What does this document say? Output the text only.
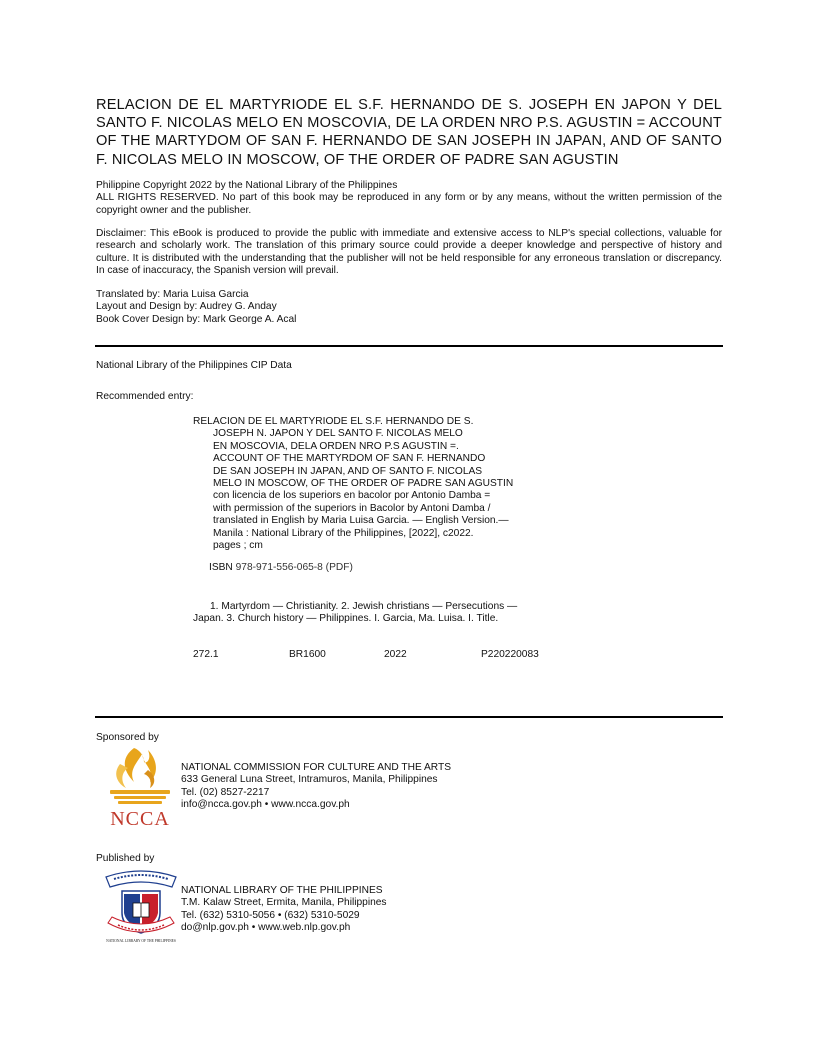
RELACION DE EL MARTYRIODE EL S.F. HERNANDO DE S. JOSEPH EN JAPON Y DEL SANTO F. NICOLAS MELO EN MOSCOVIA, DE LA ORDEN NRO P.S. AGUSTIN = ACCOUNT OF THE MARTYDOM OF SAN F. HERNANDO DE SAN JOSEPH IN JAPAN, AND OF SANTO F. NICOLAS MELO IN MOSCOW, OF THE ORDER OF PADRE SAN AGUSTIN
Philippine Copyright 2022 by the National Library of the Philippines

ALL RIGHTS RESERVED. No part of this book may be reproduced in any form or by any means, without the written permission of the copyright owner and the publisher.

Disclaimer: This eBook is produced to provide the public with immediate and extensive access to NLP's special collections, valuable for research and scholarly work. The translation of this primary source could provide a deeper knowledge and perspective of history and culture. It is distributed with the understanding that the publisher will not be held responsible for any erroneous translation or discrepancy. In case of inaccuracy, the Spanish version will prevail.

Translated by: Maria Luisa Garcia
Layout and Design by: Audrey G. Anday
Book Cover Design by: Mark George A. Acal
National Library of the Philippines CIP Data
Recommended entry:
RELACION DE EL MARTYRIODE EL S.F. HERNANDO DE S.
JOSEPH N. JAPON Y DEL SANTO F. NICOLAS MELO
EN MOSCOVIA, DELA ORDEN NRO P.S AGUSTIN =.
ACCOUNT OF THE MARTYRDOM OF SAN F. HERNANDO
DE SAN JOSEPH IN JAPAN, AND OF SANTO F. NICOLAS
MELO IN MOSCOW, OF THE ORDER OF PADRE SAN AGUSTIN
con licencia de los superiors en bacolor por Antonio Damba =
with permission of the superiors in Bacolor by Antoni Damba /
translated in English by Maria Luisa Garcia. — English Version.—
Manila : National Library of the Philippines, [2022], c2022.
pages ; cm
ISBN 978-971-556-065-8 (PDF)
1. Martyrdom — Christianity. 2. Jewish christians — Persecutions —
Japan. 3. Church history — Philippines. I. Garcia, Ma. Luisa. I. Title.
272.1	BR1600	2022	P220220083
Sponsored by
NCCA
NATIONAL COMMISSION FOR CULTURE AND THE ARTS
633 General Luna Street, Intramuros, Manila, Philippines
Tel. (02) 8527-2217
info@ncca.gov.ph • www.ncca.gov.ph
Published by
NATIONAL LIBRARY OF THE PHILIPPINES
NATIONAL LIBRARY OF THE PHILIPPINES
T.M. Kalaw Street, Ermita, Manila, Philippines
Tel. (632) 5310-5056 • (632) 5310-5029
do@nlp.gov.ph • www.web.nlp.gov.ph
